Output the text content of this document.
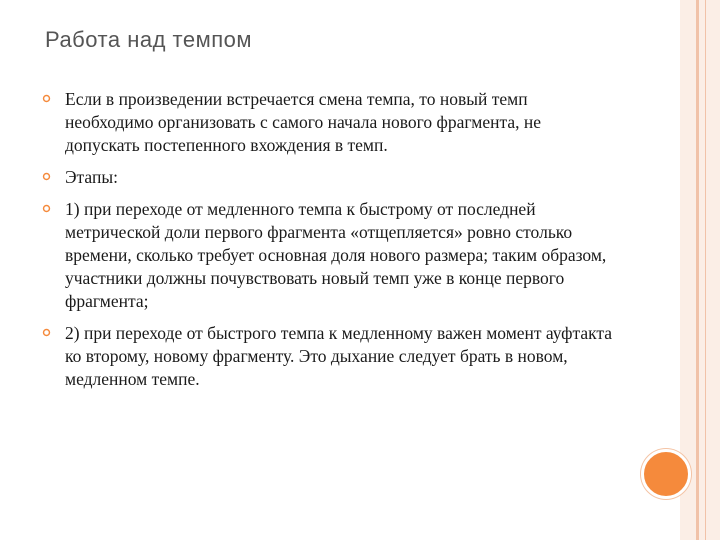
Работа над темпом
Если в произведении встречается смена темпа, то новый темп необходимо организовать с самого начала нового фрагмента, не допускать постепенного вхождения в темп.
Этапы:
1) при переходе от медленного темпа к быстрому от последней метрической доли первого фрагмента «отщепляется» ровно столько времени, сколько требует основная доля нового размера; таким образом, участники должны почувствовать новый темп уже в конце первого фрагмента;
2) при переходе от быстрого темпа к медленному важен момент ауфтакта ко второму, новому фрагменту. Это дыхание следует брать в новом, медленном темпе.
